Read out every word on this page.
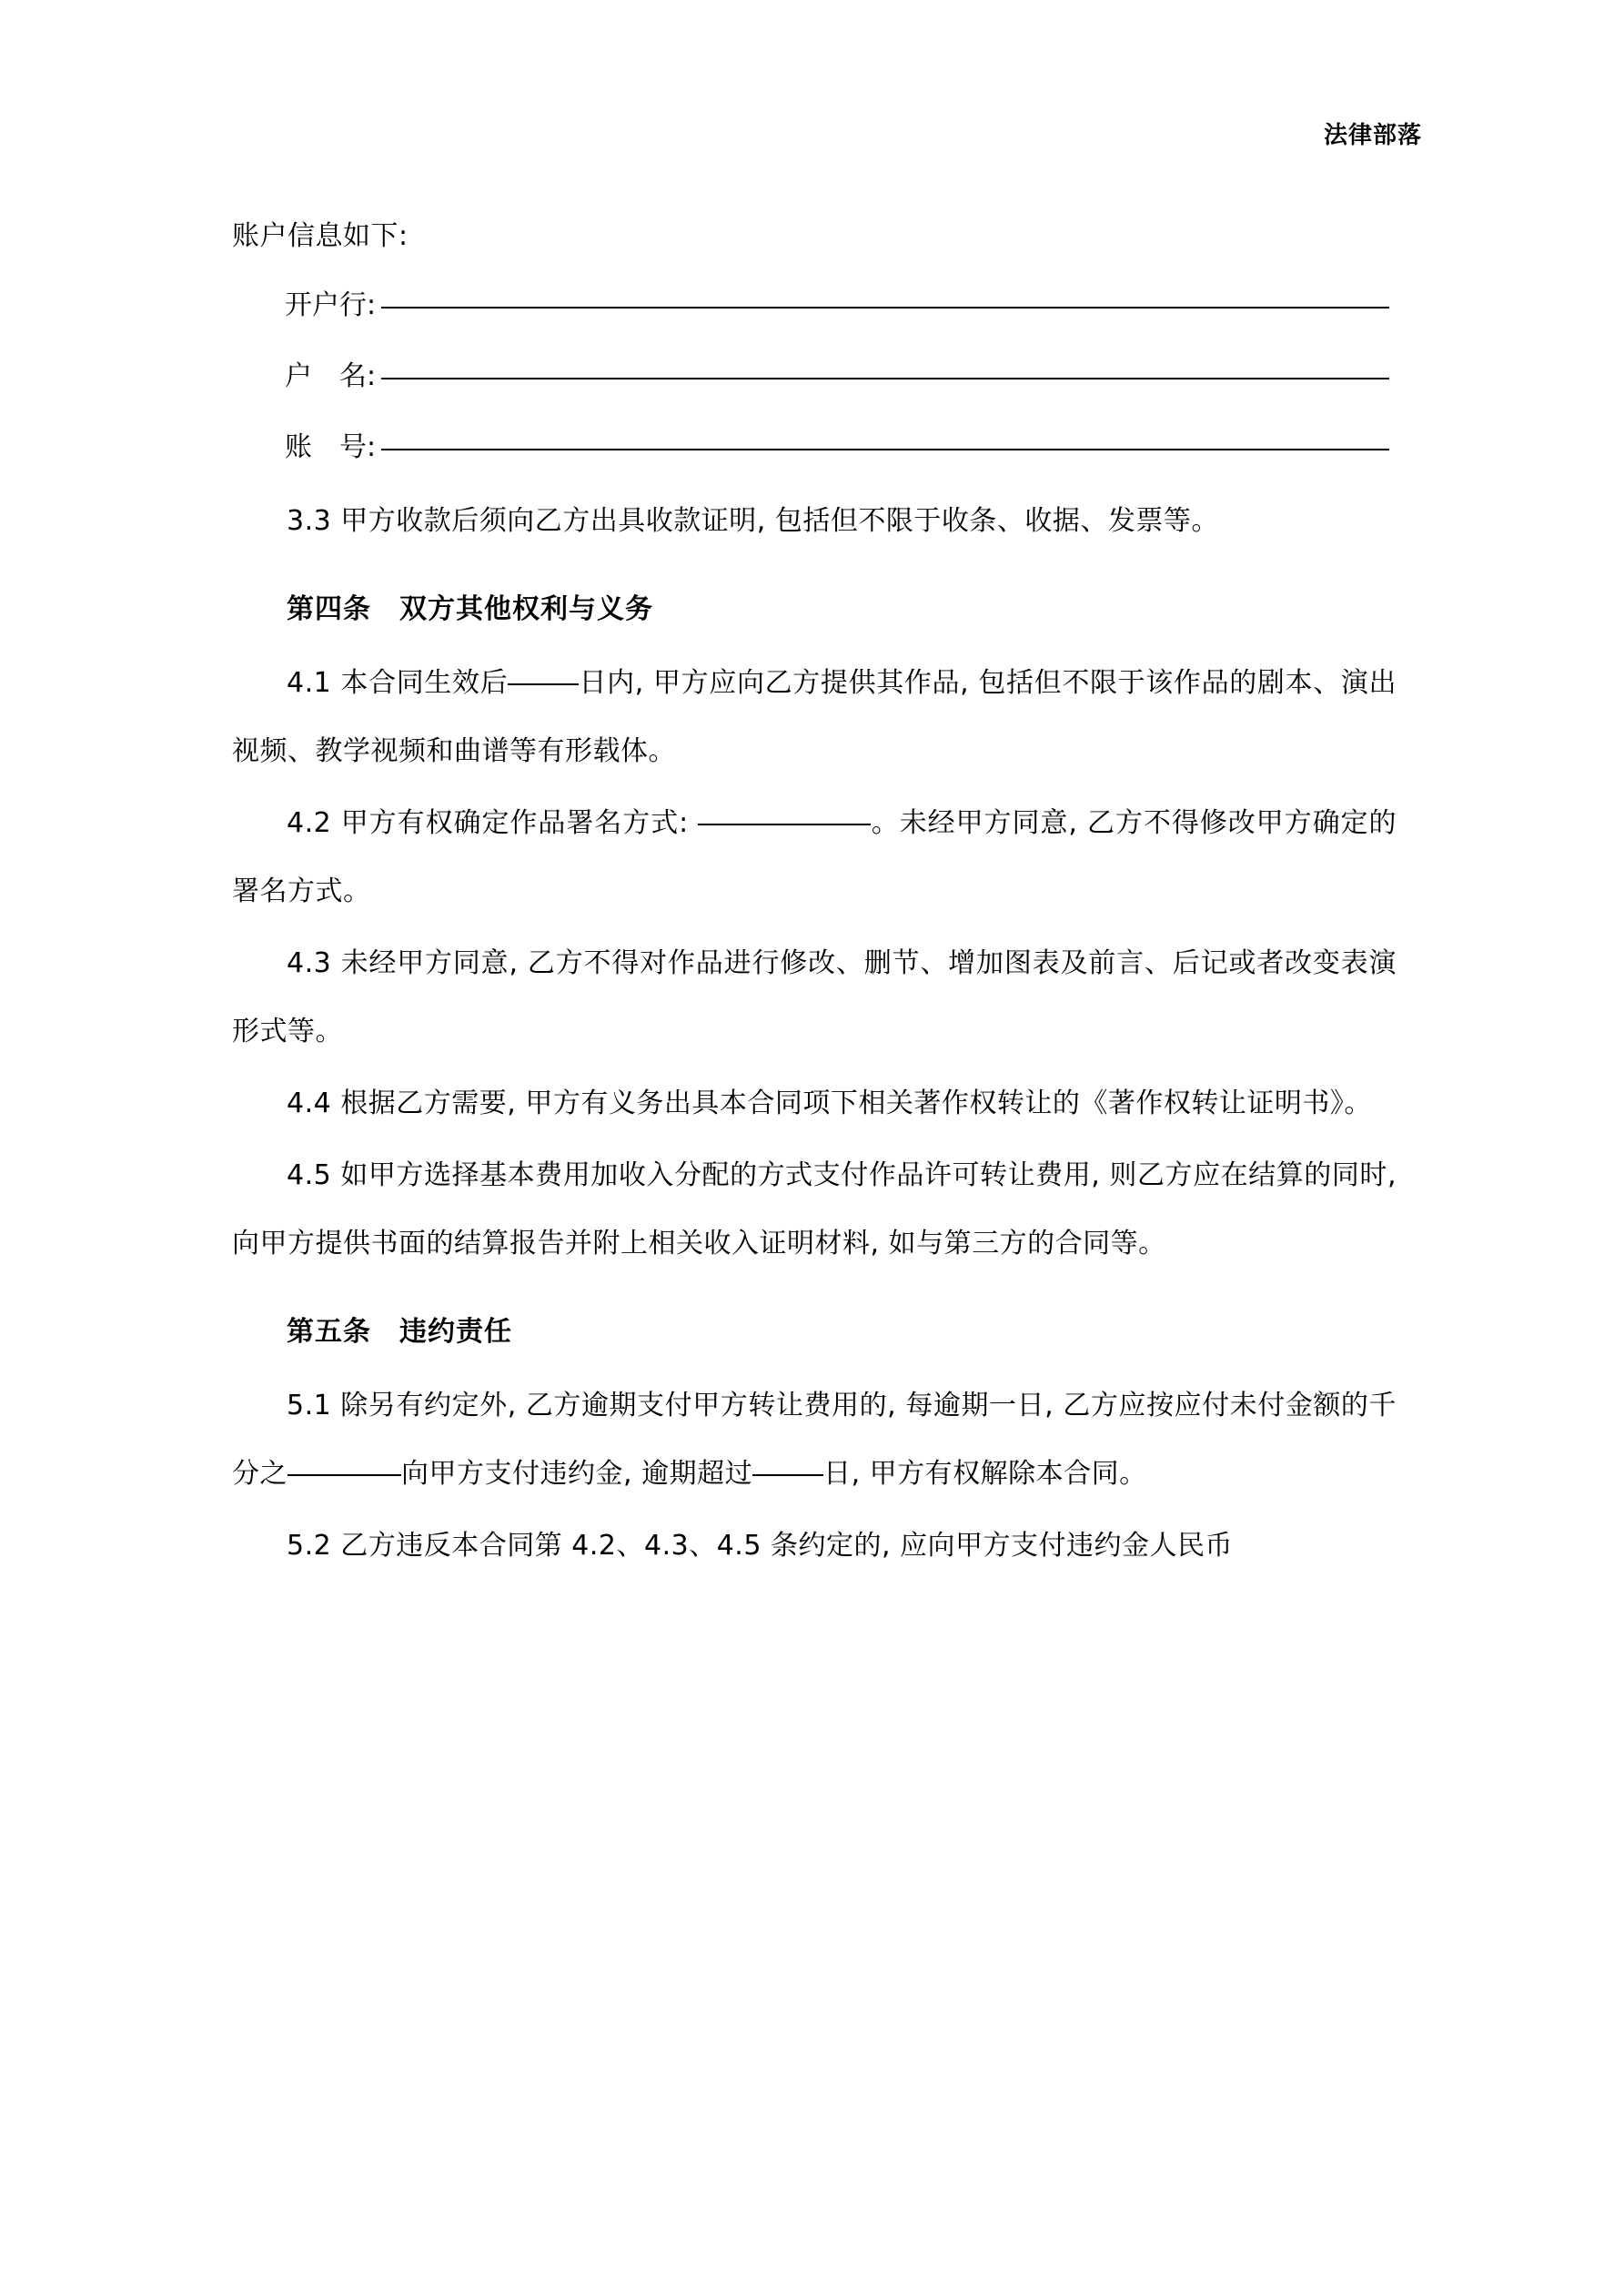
法律部落

账户信息如下:

开户行:
户　名:
账　号:

3.3 甲方收款后须向乙方出具收款证明, 包括但不限于收条、收据、发票等。

第四条　双方其他权利与义务

4.1 本合同生效后	日内, 甲方应向乙方提供其作品, 包括但不限于该作品的剧本、演出视频、教学视频和曲谱等有形载体。

4.2 甲方有权确定作品署名方式:	。未经甲方同意, 乙方不得修改甲方确定的署名方式。

4.3 未经甲方同意, 乙方不得对作品进行修改、删节、增加图表及前言、后记或者改变表演形式等。

4.4 根据乙方需要, 甲方有义务出具本合同项下相关著作权转让的《著作权转让证明书》。

4.5 如甲方选择基本费用加收入分配的方式支付作品许可转让费用, 则乙方应在结算的同时, 向甲方提供书面的结算报告并附上相关收入证明材料, 如与第三方的合同等。

第五条　违约责任

5.1 除另有约定外, 乙方逾期支付甲方转让费用的, 每逾期一日, 乙方应按应付未付金额的千分之	向甲方支付违约金, 逾期超过	日, 甲方有权解除本合同。

5.2 乙方违反本合同第 4.2、4.3、4.5 条约定的, 应向甲方支付违约金人民币
